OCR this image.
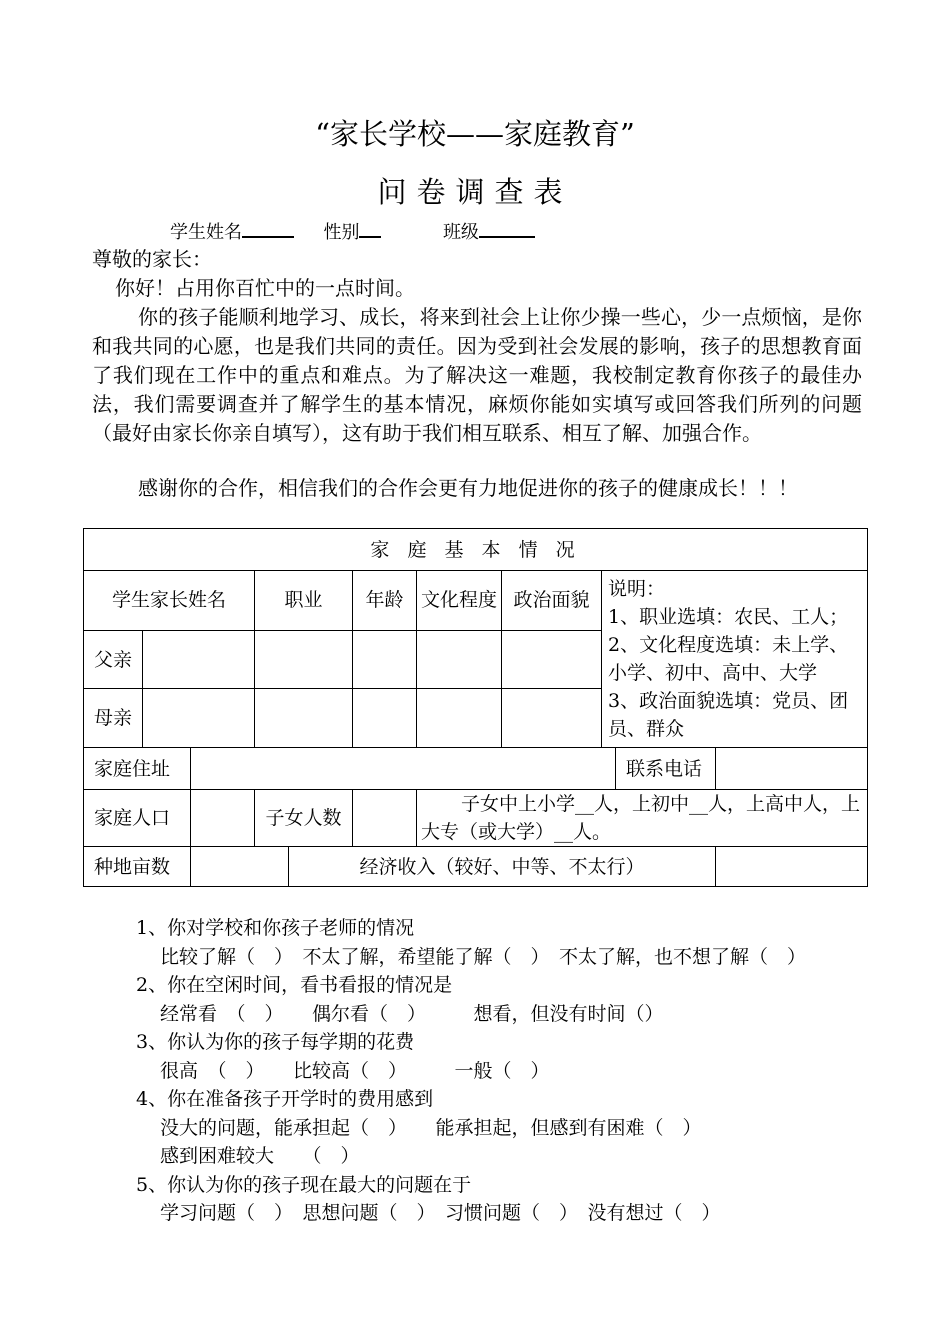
“家长学校——家庭教育”
问卷调查表
学生姓名	性别	班级
尊敬的家长：
你好！占用你百忙中的一点时间。
你的孩子能顺利地学习、成长，将来到社会上让你少操一些心，少一点烦恼，是你和我共同的心愿，也是我们共同的责任。因为受到社会发展的影响，孩子的思想教育面了我们现在工作中的重点和难点。为了解决这一难题，我校制定教育你孩子的最佳办法，我们需要调查并了解学生的基本情况，麻烦你能如实填写或回答我们所列的问题（最好由家长你亲自填写），这有助于我们相互联系、相互了解、加强合作。
感谢你的合作，相信我们的合作会更有力地促进你的孩子的健康成长！！！
家 庭 基 本 情 况										
学生家长姓名			职业		年龄	文化程度	政治面貌	说明：
1、职业选填：农民、工人；
2、文化程度选填：未上学、小学、初中、高中、大学
3、政治面貌选填：党员、团员、群众		
父亲										
母亲										
家庭住址									联系电话	
家庭人口			子女人数			子女中上小学__人，上初中__人，上高中人，上大专（或大学）__人。				
种地亩数				经济收入（较好、中等、不太行）						
1、你对学校和你孩子老师的情况
比较了解（　）　不太了解，希望能了解（　）　不太了解，也不想了解（　）
2、你在空闲时间，看书看报的情况是
经常看　（　）　　偶尔看（　）　　　想看，但没有时间（）
3、你认为你的孩子每学期的花费
很高　（　）　　比较高（　）　　　一般（　）
4、你在准备孩子开学时的费用感到
没大的问题，能承担起（　）　　能承担起，但感到有困难（　）
感到困难较大　　（　）
5、你认为你的孩子现在最大的问题在于
学习问题（　）　思想问题（　）　习惯问题（　）　没有想过（　）
